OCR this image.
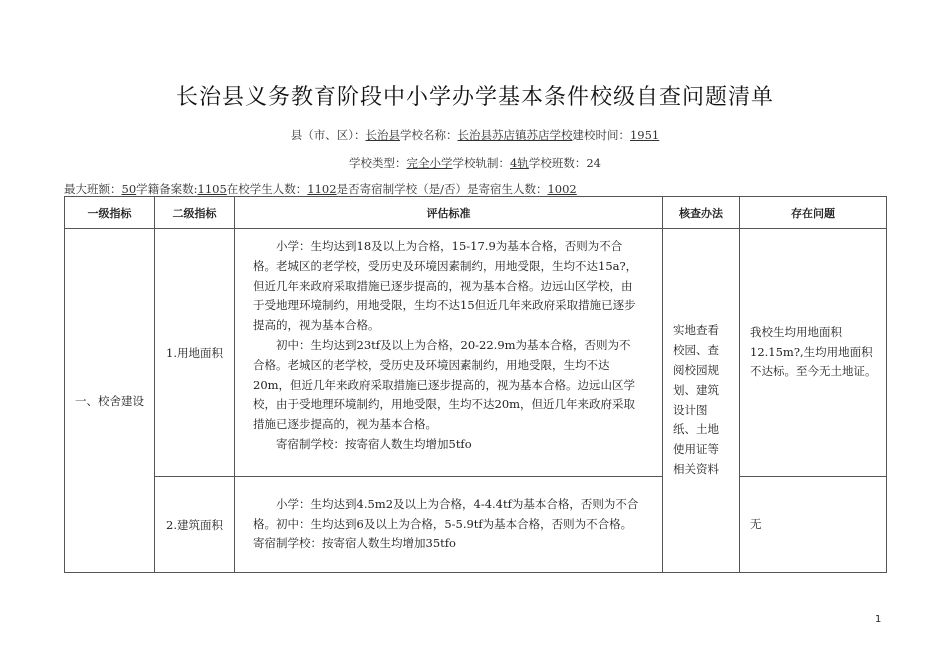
长治县义务教育阶段中小学办学基本条件校级自查问题清单
县（市、区）：长治县学校名称：长治县苏店镇苏店学校建校时间：1951
学校类型：完全小学学校轨制：4轨学校班数：24
最大班额：50学籍备案数:1105在校学生人数：1102是否寄宿制学校（是/否）是寄宿生人数：1002
一级指标	二级指标	评估标准	核查办法	存在问题
一、校舍建设	1.用地面积	小学：生均达到18及以上为合格，15-17.9为基本合格，否则为不合格。老城区的老学校，受历史及环境因素制约，用地受限，生均不达15a?，但近几年来政府采取措施已逐步提高的，视为基本合格。边远山区学校，由于受地理环境制约，用地受限，生均不达15但近几年来政府采取措施已逐步提高的，视为基本合格。

初中：生均达到23tf及以上为合格，20-22.9m为基本合格，否则为不合格。老城区的老学校，受历史及环境因素制约，用地受限，生均不达20m，但近几年来政府采取措施已逐步提高的，视为基本合格。边远山区学校，由于受地理环境制约，用地受限，生均不达20m，但近几年来政府采取措施已逐步提高的，视为基本合格。

寄宿制学校：按寄宿人数生均增加5tfo	实地查看校园、查阅校园规划、建筑设计图纸、土地使用证等相关资料	我校生均用地面积12.15m?,生均用地面积不达标。至今无土地证。
	2.建筑面积	小学：生均达到4.5m2及以上为合格，4-4.4tf为基本合格，否则为不合格。初中：生均达到6及以上为合格，5-5.9tf为基本合格，否则为不合格。寄宿制学校：按寄宿人数生均增加35tfo		无
1
